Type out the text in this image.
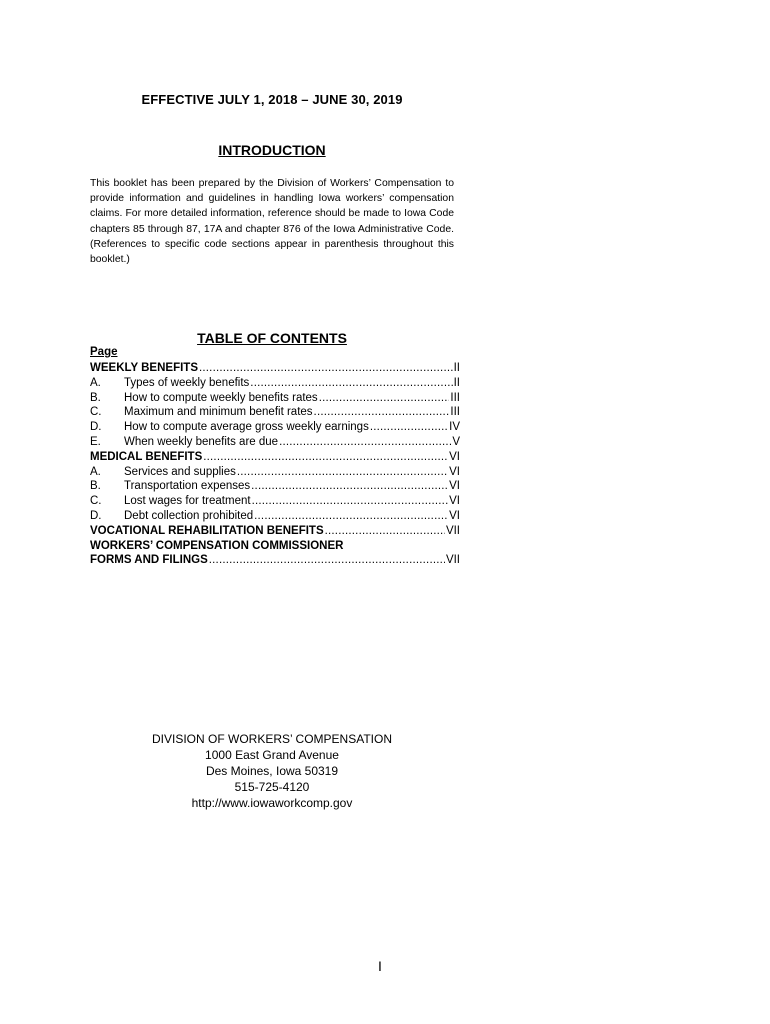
EFFECTIVE JULY 1, 2018 – JUNE 30, 2019
INTRODUCTION
This booklet has been prepared by the Division of Workers’ Compensation to provide information and guidelines in handling Iowa workers’ compensation claims. For more detailed information, reference should be made to Iowa Code chapters 85 through 87, 17A and chapter 876 of the Iowa Administrative Code. (References to specific code sections appear in parenthesis throughout this booklet.)
TABLE OF CONTENTS
Page
WEEKLY BENEFITS .....	II
A.	Types of weekly benefits .....	II
B.	How to compute weekly benefits rates .....	III
C.	Maximum and minimum benefit rates .....	III
D.	How to compute average gross weekly earnings .....	IV
E.	When weekly benefits are due .....	V
MEDICAL BENEFITS .....	VI
A.	Services and supplies .....	VI
B.	Transportation expenses .....	VI
C.	Lost wages for treatment .....	VI
D.	Debt collection prohibited .....	VI
VOCATIONAL REHABILITATION BENEFITS .....	VII
WORKERS’ COMPENSATION COMMISSIONER
FORMS AND FILINGS .....	VII
DIVISION OF WORKERS’ COMPENSATION
1000 East Grand Avenue
Des Moines, Iowa 50319
515-725-4120
http://www.iowaworkcomp.gov
I
